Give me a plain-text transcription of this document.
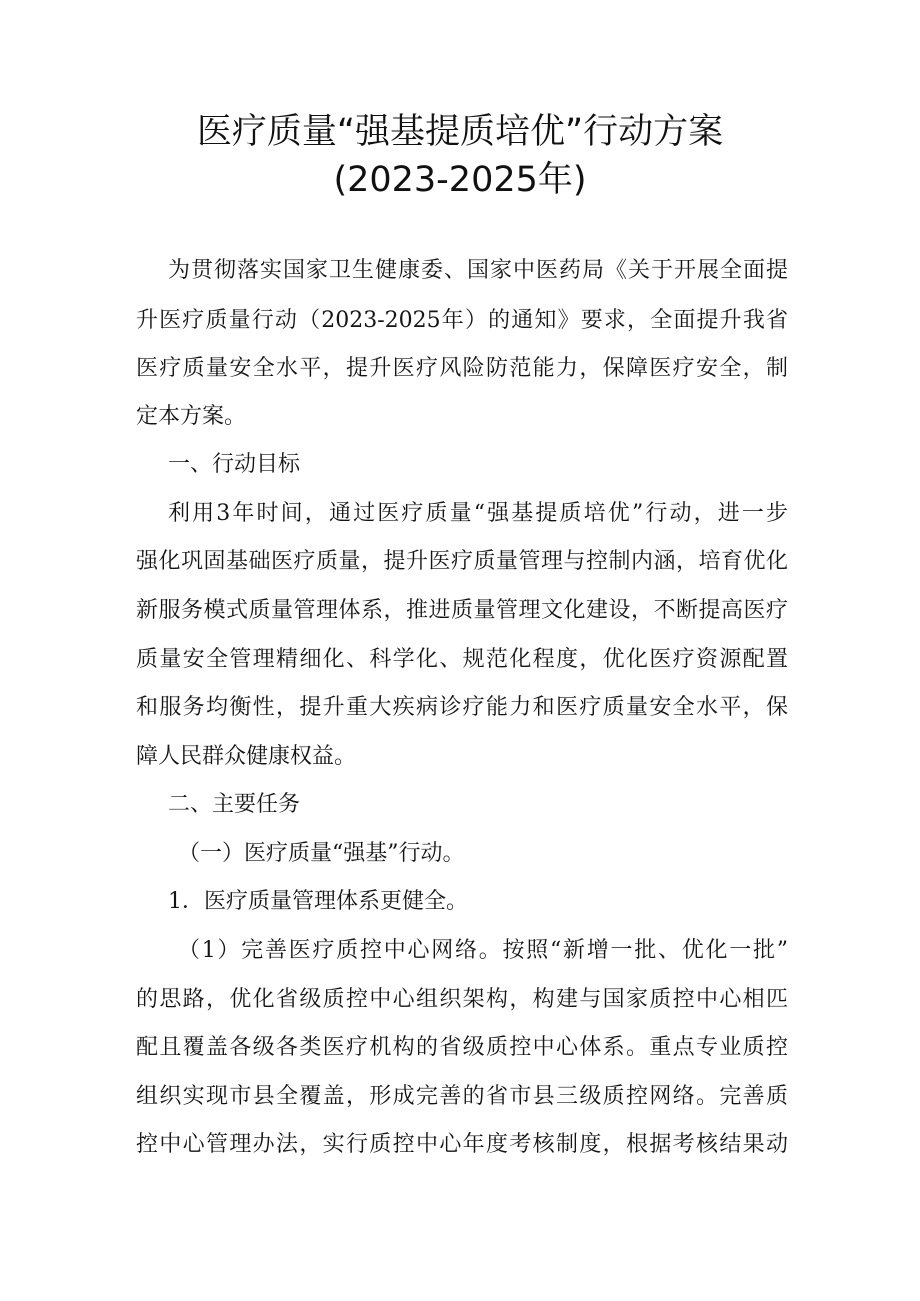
医疗质量“强基提质培优”行动方案
(2023-2025年)
为贯彻落实国家卫生健康委、国家中医药局《关于开展全面提
升医疗质量行动（2023-2025年）的通知》要求，全面提升我省
医疗质量安全水平，提升医疗风险防范能力，保障医疗安全，制
定本方案。
一、行动目标
利用3年时间，通过医疗质量“强基提质培优”行动，进一步
强化巩固基础医疗质量，提升医疗质量管理与控制内涵，培育优化
新服务模式质量管理体系，推进质量管理文化建设，不断提高医疗
质量安全管理精细化、科学化、规范化程度，优化医疗资源配置
和服务均衡性，提升重大疾病诊疗能力和医疗质量安全水平，保
障人民群众健康权益。
二、主要任务
（一）医疗质量“强基”行动。
1．医疗质量管理体系更健全。
（1）完善医疗质控中心网络。按照“新增一批、优化一批”
的思路，优化省级质控中心组织架构，构建与国家质控中心相匹
配且覆盖各级各类医疗机构的省级质控中心体系。重点专业质控
组织实现市县全覆盖，形成完善的省市县三级质控网络。完善质
控中心管理办法，实行质控中心年度考核制度，根据考核结果动
